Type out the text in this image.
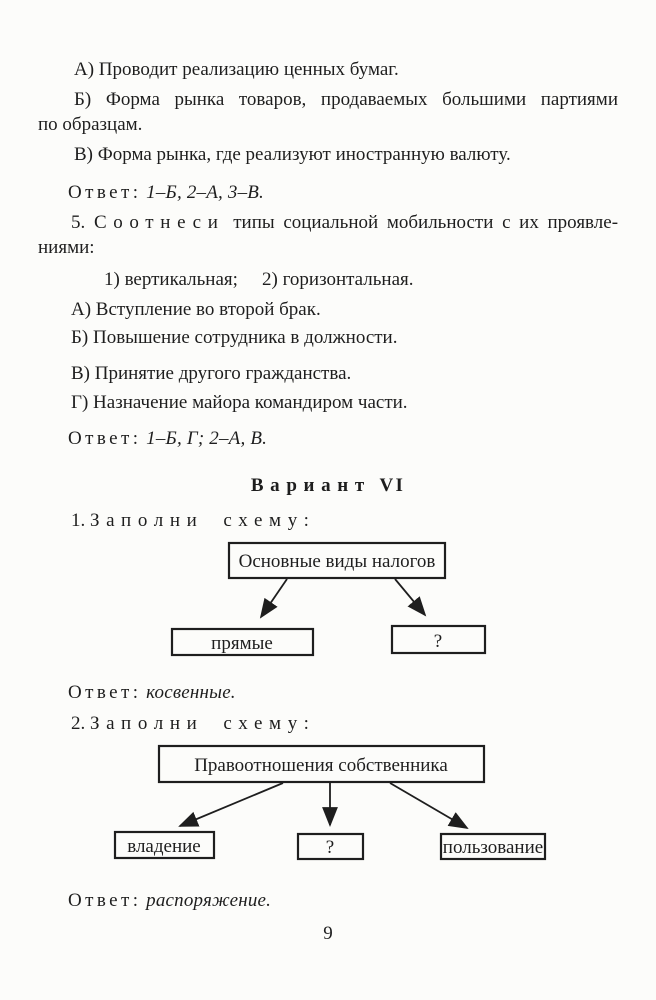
А) Проводит реализацию ценных бумаг.

Б) Форма рынка товаров, продаваемых большими партиями
по образцам.

В) Форма рынка, где реализуют иностранную валюту.

Ответ: 1–Б, 2–А, 3–В.

5. Соотнеси типы социальной мобильности с их проявле-
ниями:

1) вертикальная; 2) горизонтальная.

А) Вступление во второй брак.

Б) Повышение сотрудника в должности.

В) Принятие другого гражданства.

Г) Назначение майора командиром части.

Ответ: 1–Б, Г; 2–А, В.

Вариант VI

1. Заполни схему:

Основные виды налогов
прямые	?

Ответ: косвенные.

2. Заполни схему:

Правоотношения собственника
владение	?	пользование

Ответ: распоряжение.

9
